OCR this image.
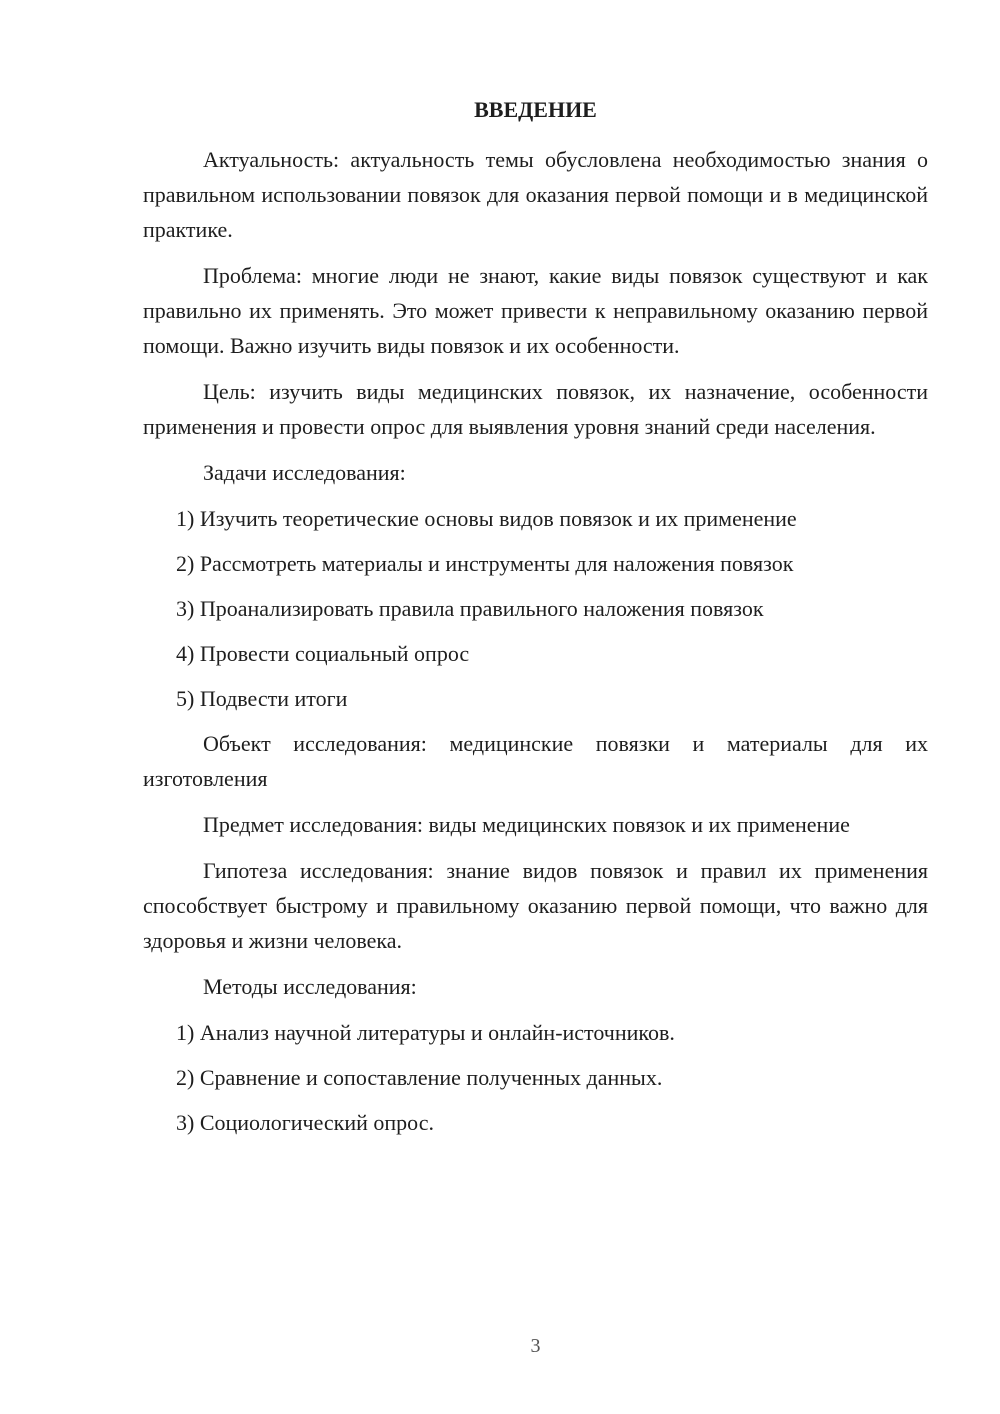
ВВЕДЕНИЕ

Актуальность: актуальность темы обусловлена необходимостью знания о правильном использовании повязок для оказания первой помощи и в медицинской практике.

Проблема: многие люди не знают, какие виды повязок существуют и как правильно их применять. Это может привести к неправильному оказанию первой помощи. Важно изучить виды повязок и их особенности.

Цель: изучить виды медицинских повязок, их назначение, особенности применения и провести опрос для выявления уровня знаний среди населения.

Задачи исследования:

1) Изучить теоретические основы видов повязок и их применение

2) Рассмотреть материалы и инструменты для наложения повязок

3) Проанализировать правила правильного наложения повязок

4) Провести социальный опрос

5) Подвести итоги

Объект исследования: медицинские повязки и материалы для их изготовления

Предмет исследования: виды медицинских повязок и их применение

Гипотеза исследования: знание видов повязок и правил их применения способствует быстрому и правильному оказанию первой помощи, что важно для здоровья и жизни человека.

Методы исследования:

1) Анализ научной литературы и онлайн-источников.

2) Сравнение и сопоставление полученных данных.

3) Социологический опрос.

3
